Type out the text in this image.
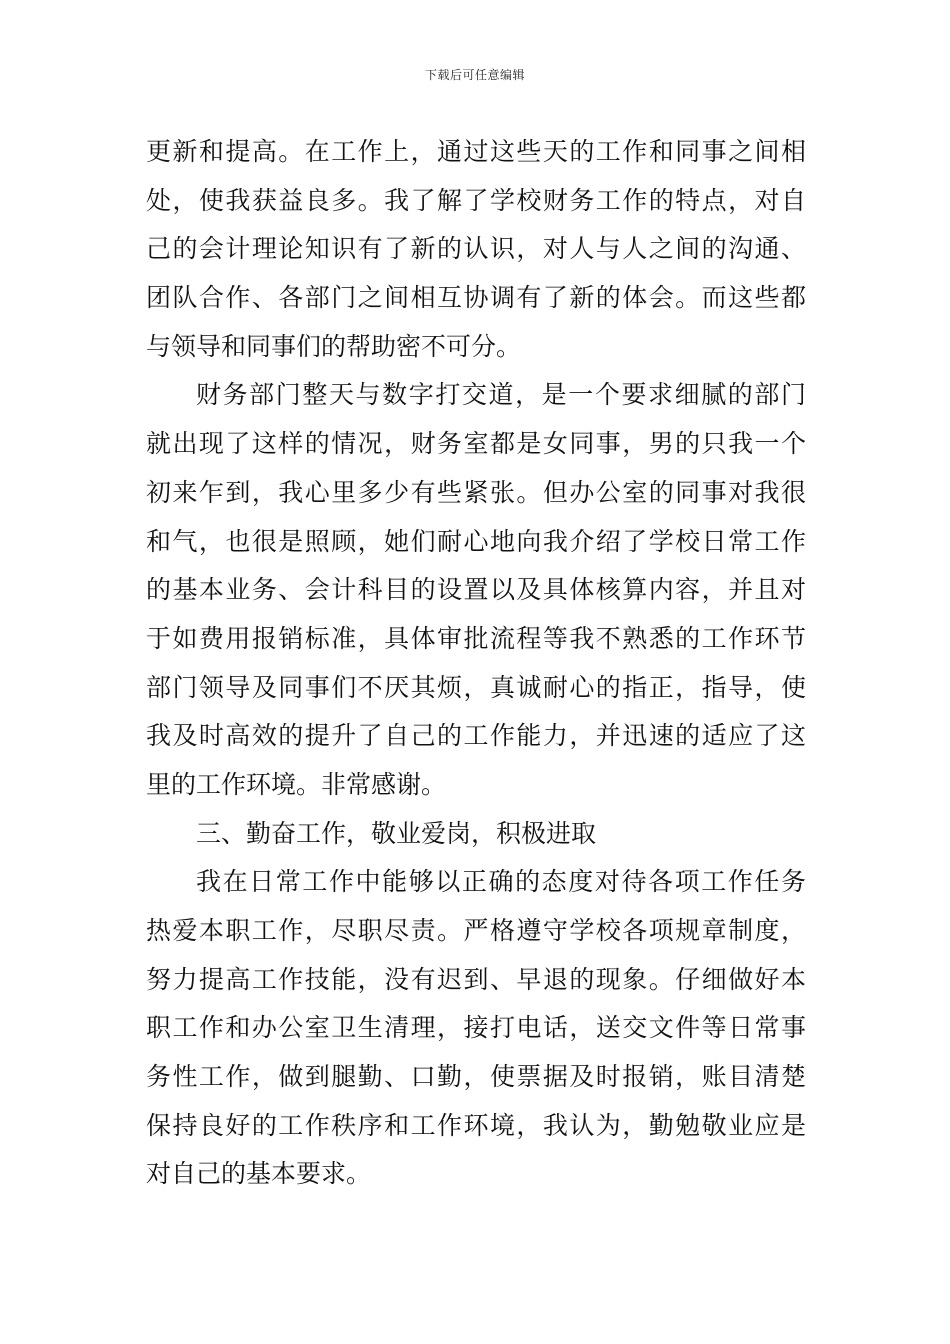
下载后可任意编辑
更新和提高。在工作上，通过这些天的工作和同事之间相
处，使我获益良多。我了解了学校财务工作的特点，对自
己的会计理论知识有了新的认识，对人与人之间的沟通、
团队合作、各部门之间相互协调有了新的体会。而这些都
与领导和同事们的帮助密不可分。
财务部门整天与数字打交道，是一个要求细腻的部门
就出现了这样的情况，财务室都是女同事，男的只我一个
初来乍到，我心里多少有些紧张。但办公室的同事对我很
和气，也很是照顾，她们耐心地向我介绍了学校日常工作
的基本业务、会计科目的设置以及具体核算内容，并且对
于如费用报销标准，具体审批流程等我不熟悉的工作环节
部门领导及同事们不厌其烦，真诚耐心的指正，指导，使
我及时高效的提升了自己的工作能力，并迅速的适应了这
里的工作环境。非常感谢。
三、勤奋工作，敬业爱岗，积极进取
我在日常工作中能够以正确的态度对待各项工作任务
热爱本职工作，尽职尽责。严格遵守学校各项规章制度，
努力提高工作技能，没有迟到、早退的现象。仔细做好本
职工作和办公室卫生清理，接打电话，送交文件等日常事
务性工作，做到腿勤、口勤，使票据及时报销，账目清楚
保持良好的工作秩序和工作环境，我认为，勤勉敬业应是
对自己的基本要求。
